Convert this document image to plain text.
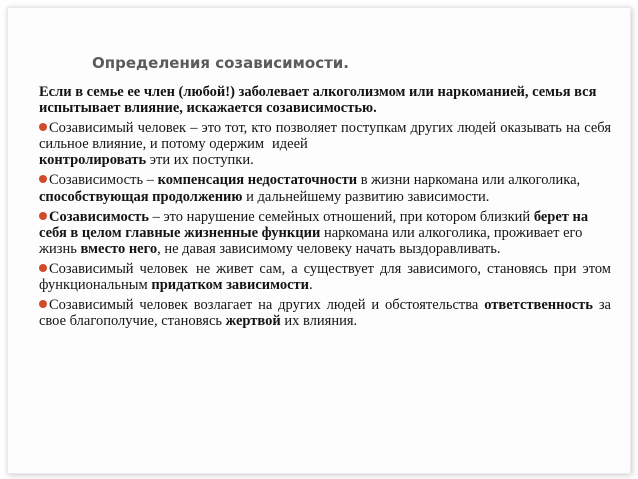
Определения созависимости.

Если в семье ее член (любой!) заболевает алкоголизмом или наркоманией, семья вся испытывает влияние, искажается созависимостью.

Созависимый человек – это тот, кто позволяет поступкам других людей оказывать на себя сильное влияние, и потому одержим идеей
контролировать эти их поступки.

Созависимость – компенсация недостаточности в жизни наркомана или алкоголика, способствующая продолжению и дальнейшему развитию зависимости.

Созависимость – это нарушение семейных отношений, при котором близкий берет на себя в целом главные жизненные функции наркомана или алкоголика, проживает его жизнь вместо него, не давая зависимому человеку начать выздоравливать.

Созависимый человек не живет сам, а существует для зависимого, становясь при этом функциональным придатком зависимости.

Созависимый человек возлагает на других людей и обстоятельства ответственность за свое благополучие, становясь жертвой их влияния.
